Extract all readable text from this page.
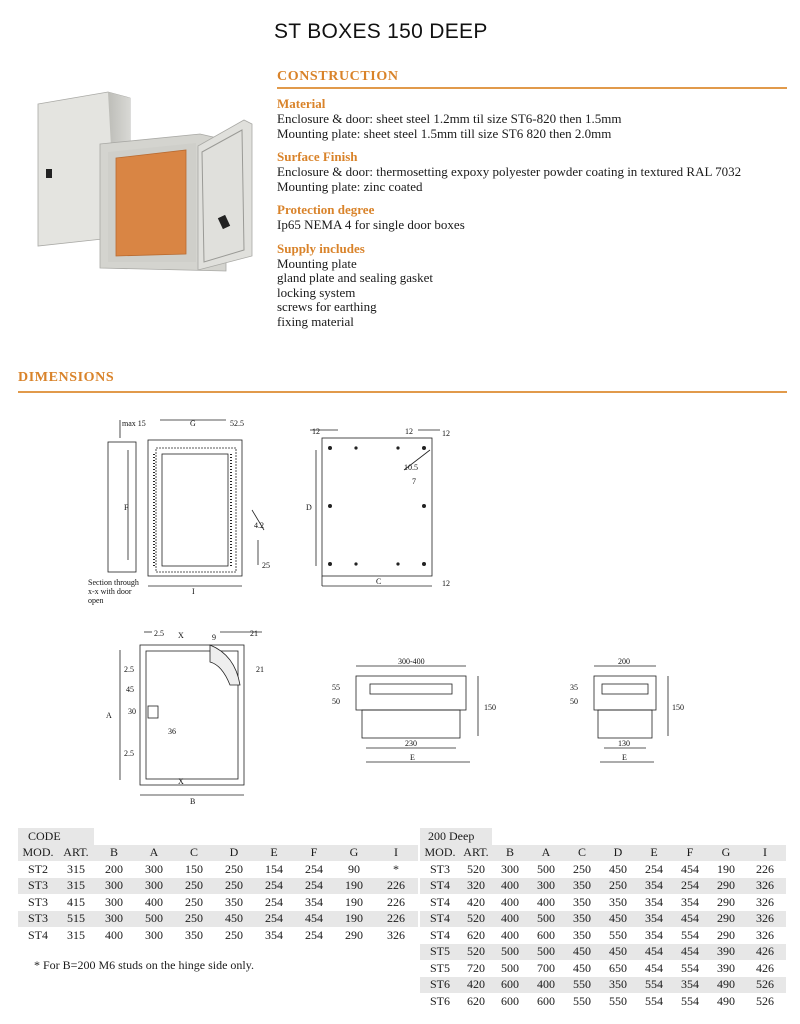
ST BOXES 150 DEEP
CONSTRUCTION
Material
Enclosure & door: sheet steel 1.2mm til size ST6-820 then 1.5mm
Mounting plate: sheet steel 1.5mm till size ST6 820 then 2.0mm
Surface Finish
Enclosure & door: thermosetting expoxy polyester powder coating in textured RAL 7032
Mounting plate: zinc coated
Protection degree
Ip65 NEMA 4 for single door boxes
Supply includes
Mounting plate
gland plate and sealing gasket
locking system
screws for earthing
fixing material
DIMENSIONS
max 15	G	52.5
F
I
Section through
x-x with door
open
4.2
25
12	12	12
12
D
C
10.5
7
2.5 X	21
21
9
2.5
45
30
A
36
2.5
X
B
300-400
50
55
150
230
E
200
50
35
150
130
E
CODE									
MOD.	ART.	B	A	C	D	E	F	G	I
ST2	315	200	300	150	250	154	254	90	*
ST3	315	300	300	250	250	254	254	190	226
ST3	415	300	400	250	350	254	354	190	226
ST3	515	300	500	250	450	254	454	190	226
ST4	315	400	300	350	250	354	254	290	326
* For B=200 M6 studs on the hinge side only.
200 Deep									
MOD.	ART.	B	A	C	D	E	F	G	I
ST3	520	300	500	250	450	254	454	190	226
ST4	320	400	300	350	250	354	254	290	326
ST4	420	400	400	350	350	354	354	290	326
ST4	520	400	500	350	450	354	454	290	326
ST4	620	400	600	350	550	354	554	290	326
ST5	520	500	500	450	450	454	454	390	426
ST5	720	500	700	450	650	454	554	390	426
ST6	420	600	400	550	350	554	354	490	526
ST6	620	600	600	550	550	554	554	490	526
